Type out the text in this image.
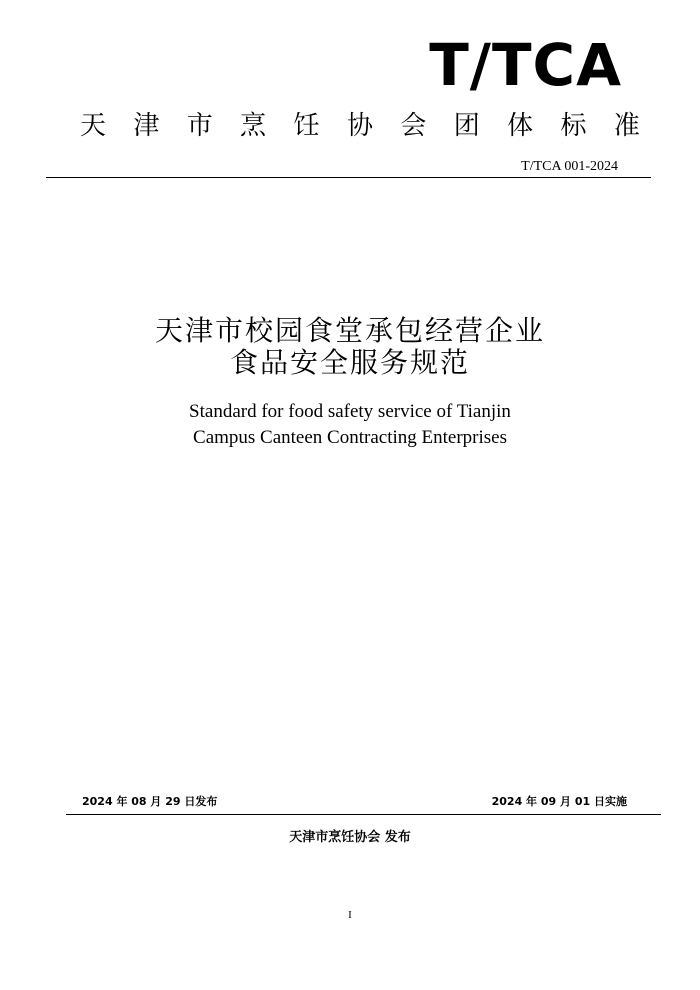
T/TCA
天 津 市 烹 饪 协 会 团 体 标 准
T/TCA 001-2024
天津市校园食堂承包经营企业
食品安全服务规范
Standard for food safety service of Tianjin
Campus Canteen Contracting Enterprises
2024 年 08 月 29 日发布	2024 年 09 月 01 日实施
天津市烹饪协会 发布
I
